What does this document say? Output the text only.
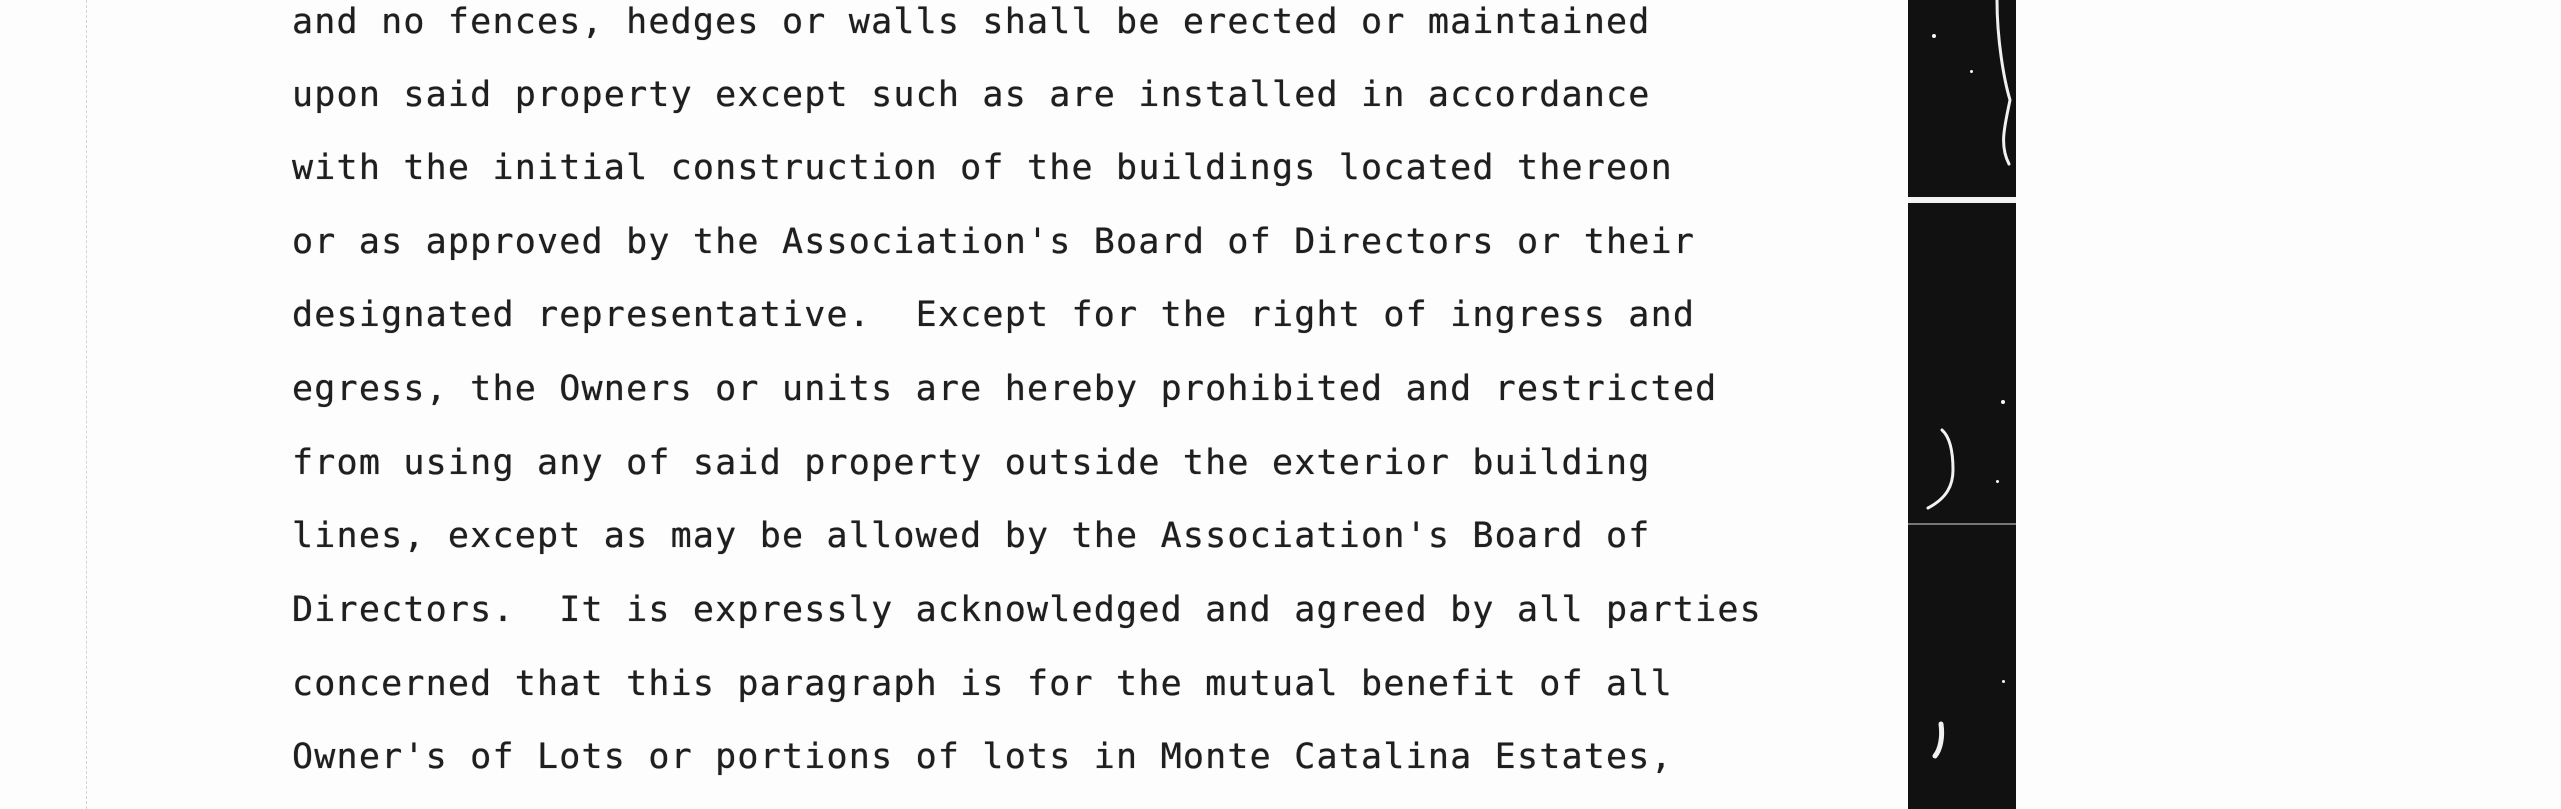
and no fences, hedges or walls shall be erected or maintained
upon said property except such as are installed in accordance
with the initial construction of the buildings located thereon
or as approved by the Association's Board of Directors or their
designated representative.  Except for the right of ingress and
egress, the Owners or units are hereby prohibited and restricted
from using any of said property outside the exterior building
lines, except as may be allowed by the Association's Board of
Directors.  It is expressly acknowledged and agreed by all parties
concerned that this paragraph is for the mutual benefit of all
Owner's of Lots or portions of lots in Monte Catalina Estates,
